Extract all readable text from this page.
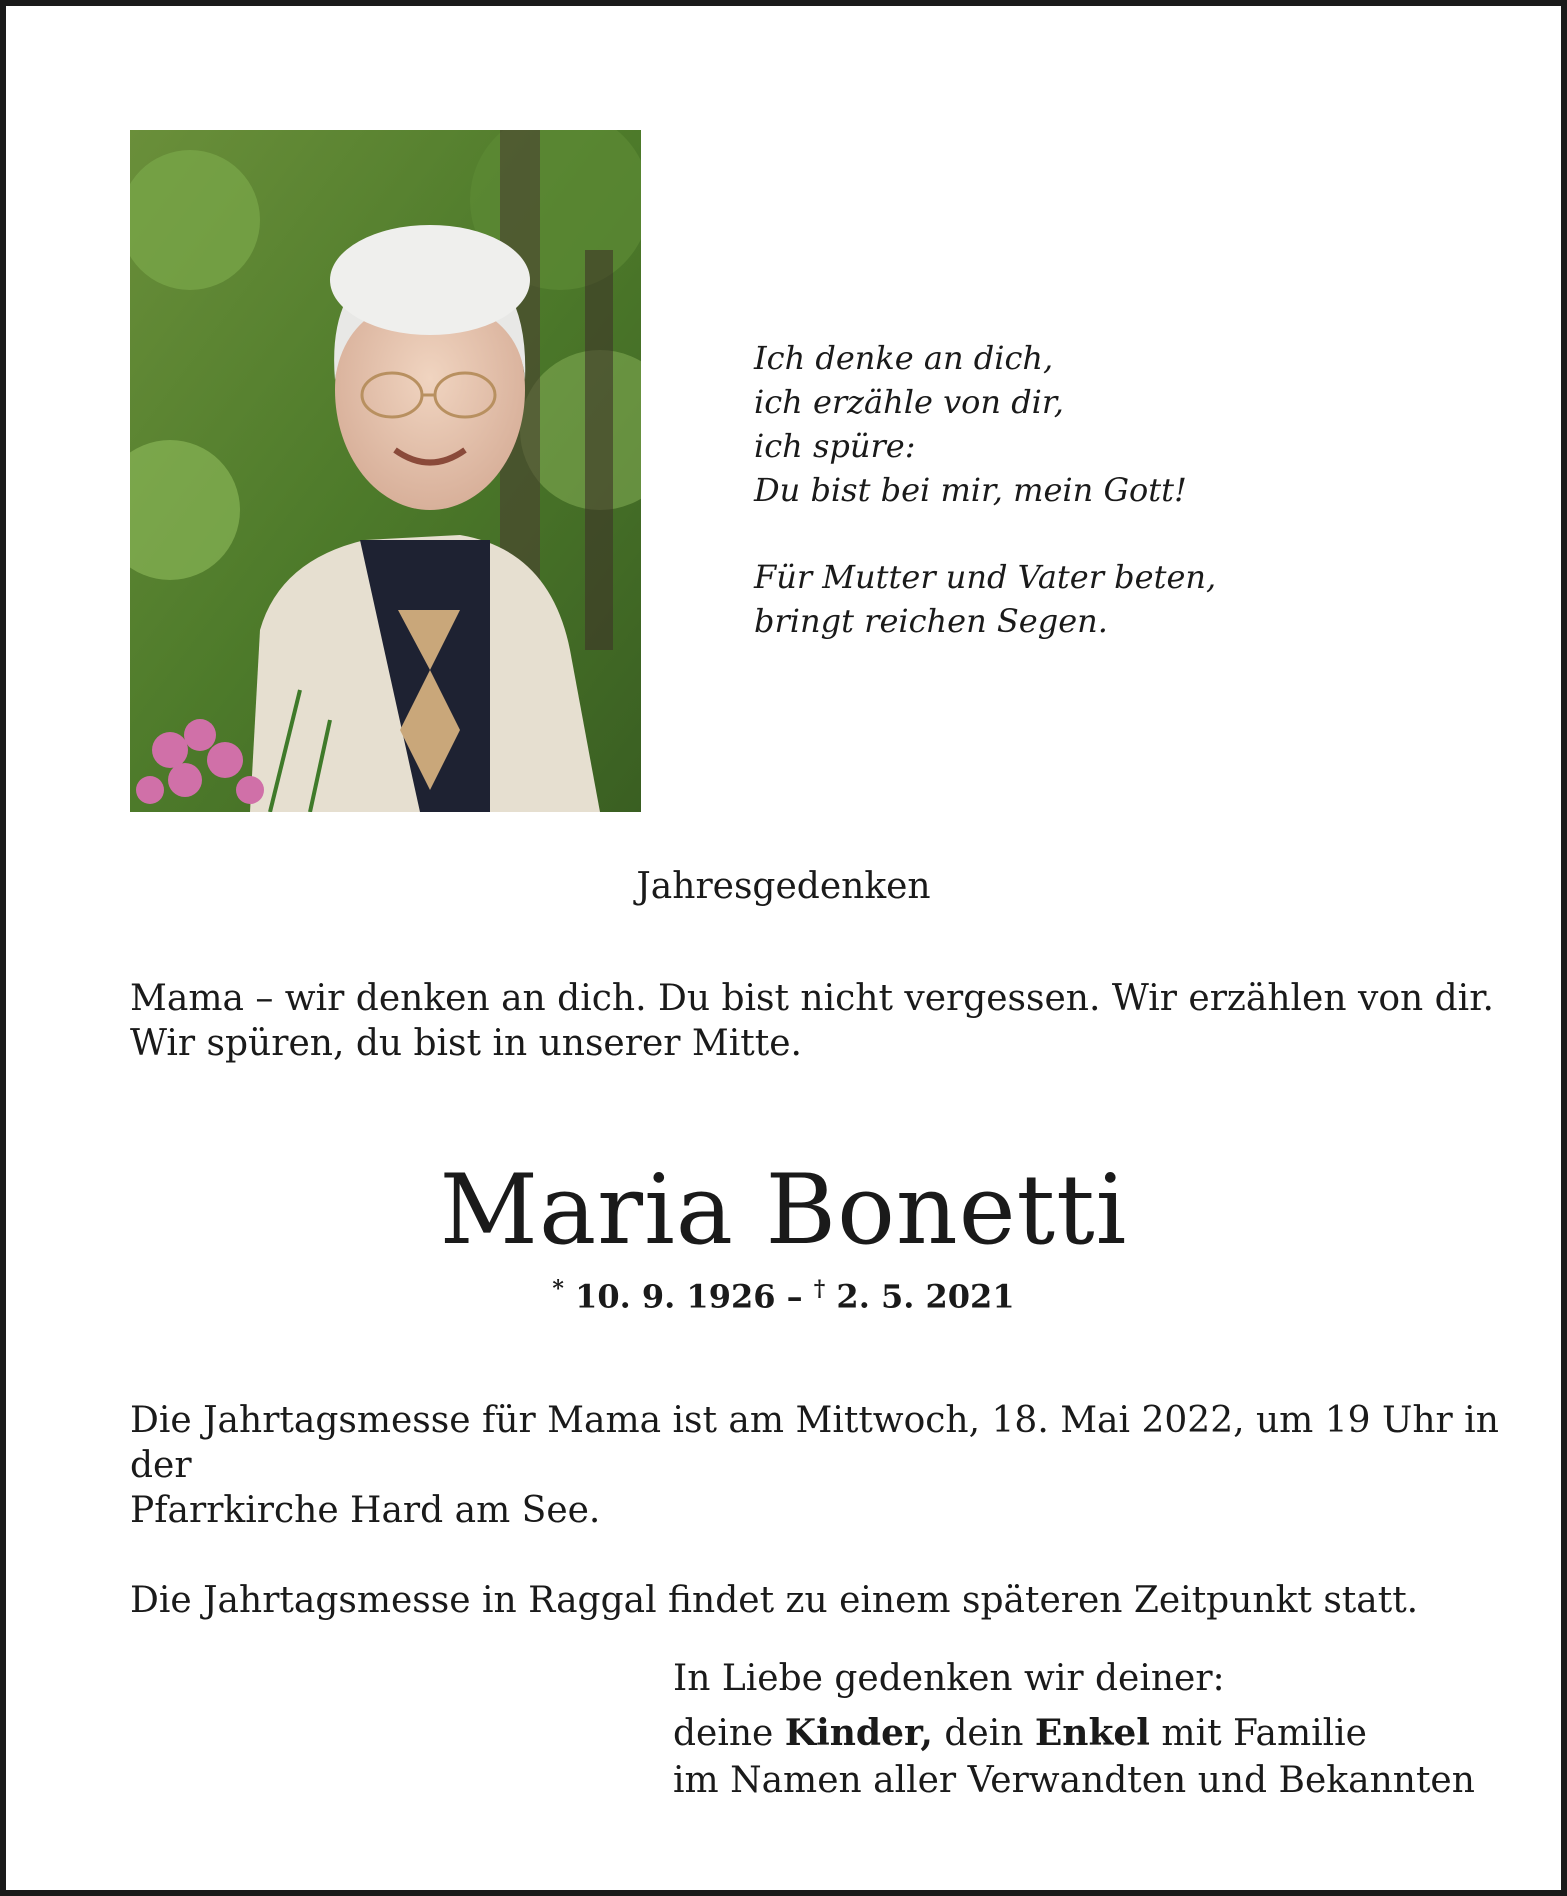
Ich denke an dich,

ich erzähle von dir,

ich spüre:

Du bist bei mir, mein Gott!

Für Mutter und Vater beten,

bringt reichen Segen.

Jahresgedenken

Mama – wir denken an dich. Du bist nicht vergessen. Wir erzählen von dir.

Wir spüren, du bist in unserer Mitte.

Maria Bonetti
* 10. 9. 1926 – † 2. 5. 2021

Die Jahrtagsmesse für Mama ist am Mittwoch, 18. Mai 2022, um 19 Uhr in der

Pfarrkirche Hard am See.

Die Jahrtagsmesse in Raggal findet zu einem späteren Zeitpunkt statt.

In Liebe gedenken wir deiner:

deine Kinder, dein Enkel mit Familie

im Namen aller Verwandten und Bekannten
